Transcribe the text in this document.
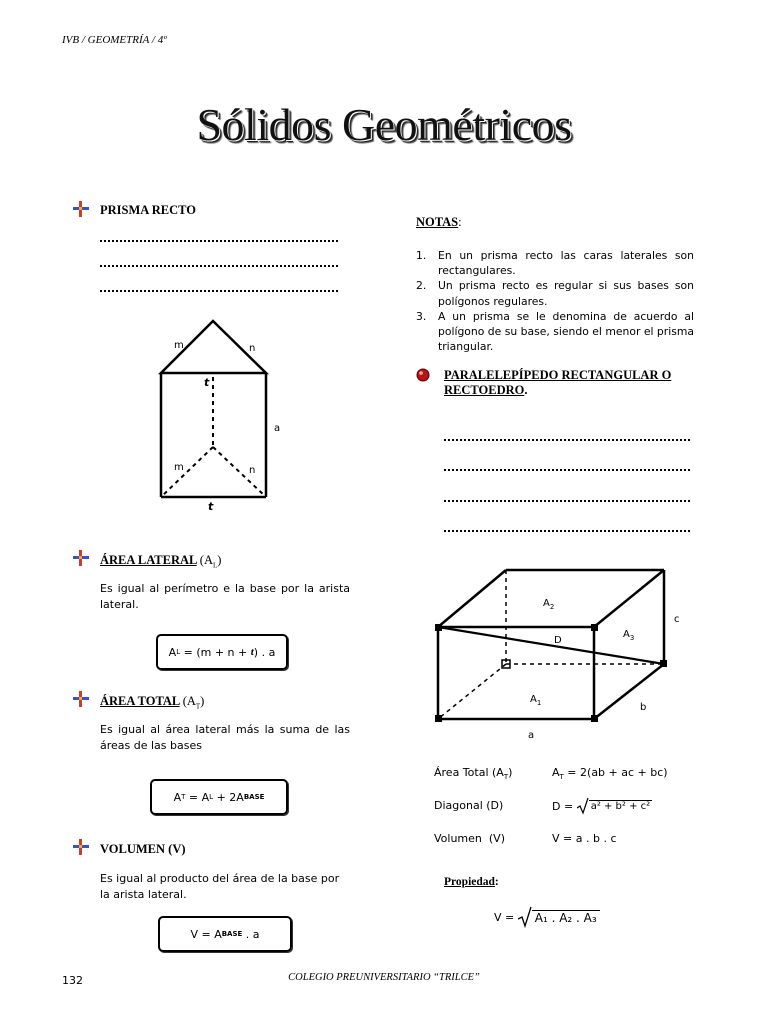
IVB / GEOMETRÍA / 4º
Sólidos Geométricos
PRISMA RECTO
m	n
t
a
m	n
t
ÁREA LATERAL $(A_L)$
Es igual al perímetro e la base por la arista lateral.
A L = (m + n + t ) . a
ÁREA TOTAL $(A_T)$
Es igual al área lateral más la suma de las áreas de las bases
A T = A L + 2A BASE
VOLUMEN (V)
Es igual al producto del área de la base por la arista lateral.
V = A BASE . a
NOTAS:
1.	En un prisma recto las caras laterales son rectangulares.
2.	Un prisma recto es regular si sus bases son polígonos regulares.
3.	A un prisma se le denomina de acuerdo al polígono de su base, siendo el menor el prisma triangular.
PARALELEPÍPEDO RECTANGULAR O
RECTOEDRO.
$A_2$
D
$A_3$
c
$A_1$	b
a
Área Total $(A_T)$	$A_T = 2(ab$ + ac + bc)
Diagonal (D)	D = a² + b² + c²
Volumen  (V)	V = a . b . c
Propiedad:
V = A₁ . A₂ . A₃
132	COLEGIO PREUNIVERSITARIO “TRILCE”
